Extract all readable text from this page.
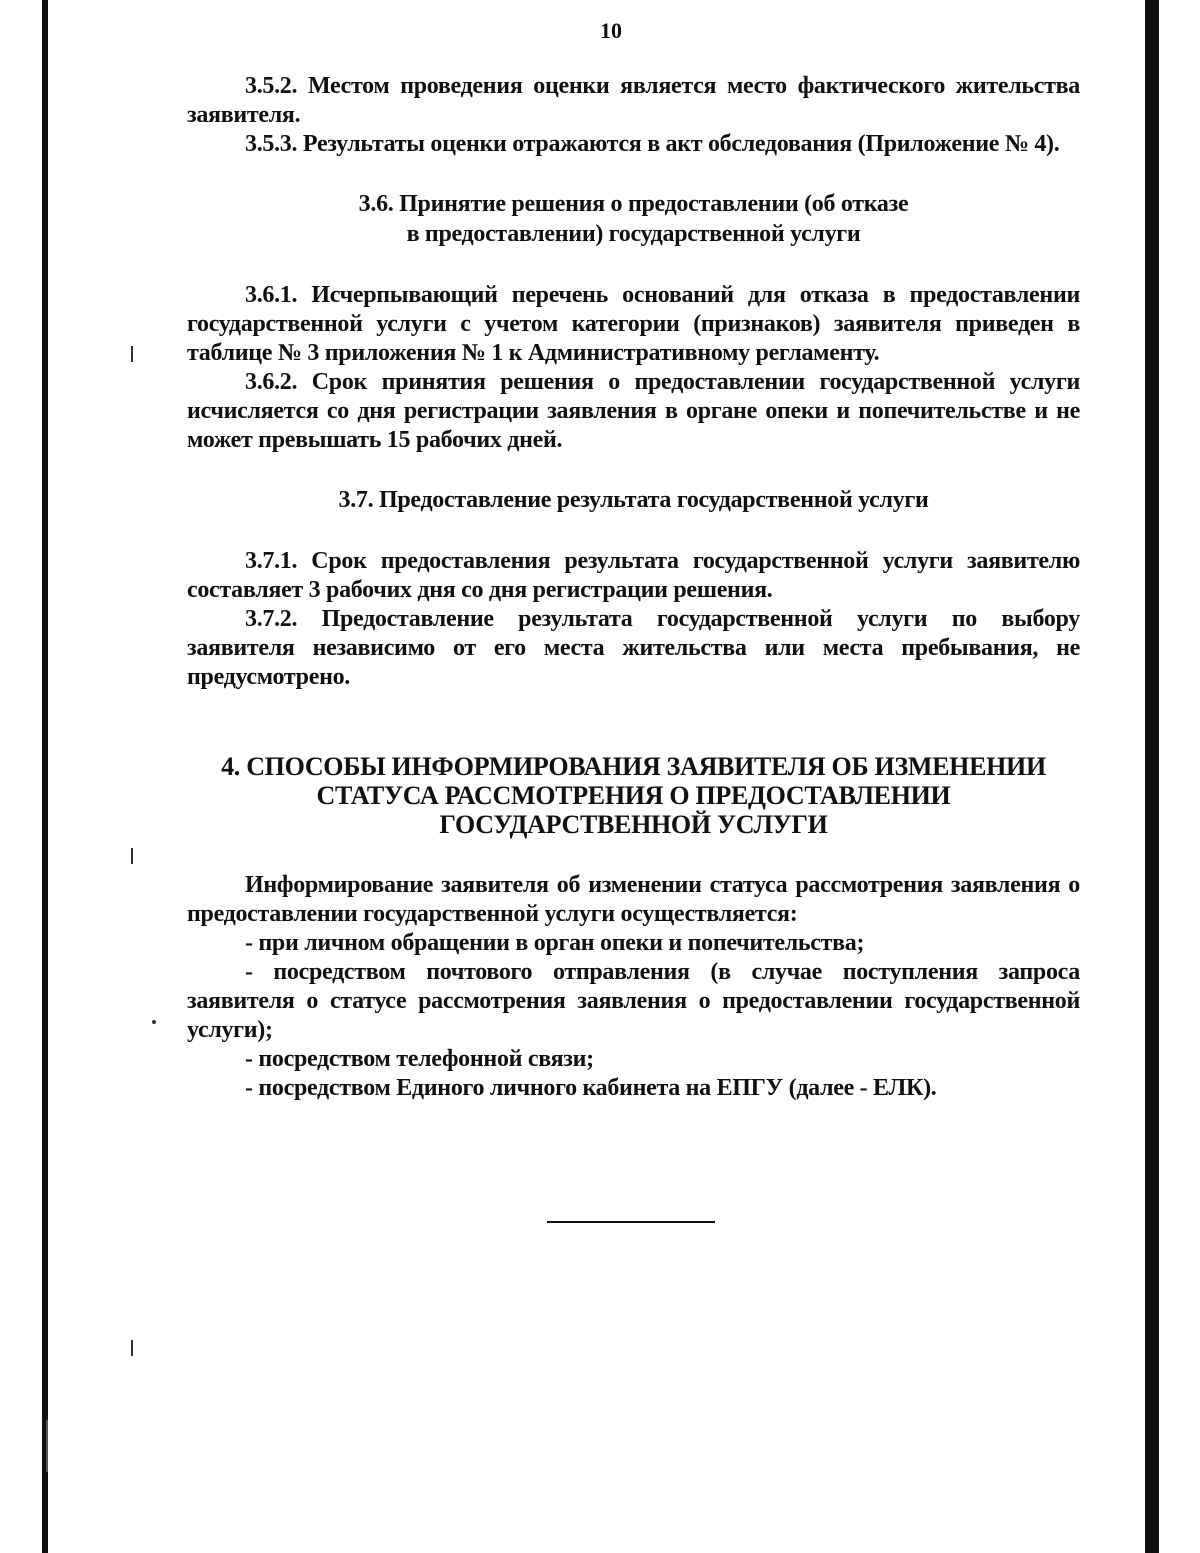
10

3.5.2. Местом проведения оценки является место фактического жительства заявителя.

3.5.3. Результаты оценки отражаются в акт обследования (Приложение № 4).

3.6. Принятие решения о предоставлении (об отказе
в предоставлении) государственной услуги

3.6.1. Исчерпывающий перечень оснований для отказа в предоставлении государственной услуги с учетом категории (признаков) заявителя приведен в таблице № 3 приложения № 1 к Административному регламенту.

3.6.2. Срок принятия решения о предоставлении государственной услуги исчисляется со дня регистрации заявления в органе опеки и попечительстве и не может превышать 15 рабочих дней.

3.7. Предоставление результата государственной услуги

3.7.1. Срок предоставления результата государственной услуги заявителю составляет 3 рабочих дня со дня регистрации решения.

3.7.2. Предоставление результата государственной услуги по выбору заявителя независимо от его места жительства или места пребывания, не предусмотрено.

4. СПОСОБЫ ИНФОРМИРОВАНИЯ ЗАЯВИТЕЛЯ ОБ ИЗМЕНЕНИИ
СТАТУСА РАССМОТРЕНИЯ О ПРЕДОСТАВЛЕНИИ
ГОСУДАРСТВЕННОЙ УСЛУГИ

Информирование заявителя об изменении статуса рассмотрения заявления о предоставлении государственной услуги осуществляется:

- при личном обращении в орган опеки и попечительства;

- посредством почтового отправления (в случае поступления запроса заявителя о статусе рассмотрения заявления о предоставлении государственной услуги);

- посредством телефонной связи;

- посредством Единого личного кабинета на ЕПГУ (далее - ЕЛК).
